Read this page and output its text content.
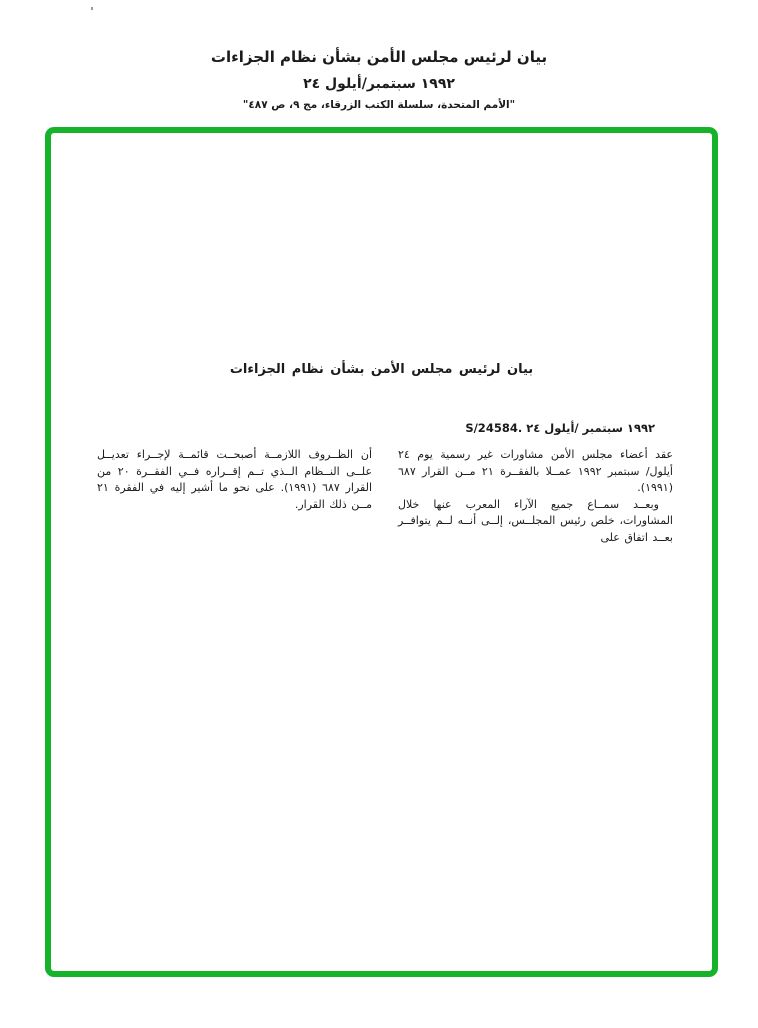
بيان لرئيس مجلس الأمن بشأن نظام الجزاءات
٢٤ أيلول / سبتمبر ١٩٩٢
"الأمم المتحدة، سلسلة الكتب الزرقاء، مج ٩، ص ٤٨٧"
بيان لرئيس مجلس الأمن بشأن نظام الجزاءات
S/24584. ٢٤ أيلول / سبتمبر ١٩٩٢

عقد أعضاء مجلس الأمن مشاورات غير رسمية يوم ٢٤ أيلول/ سبتمبر ١٩٩٢ عمــلا بالفقــرة ٢١ مــن القرار ٦٨٧ (١٩٩١).

وبعــد سمــاع جميع الآراء المعرب عنها خلال المشاورات، خلص رئيس المجلــس، إلــى أنــه لــم يتوافــر بعــد اتفاق على

أن الظــروف اللازمــة أصبحــت قائمــة لإجــراء تعديــل علــى النــظام الــذي تــم إقــراره فــي الفقــرة ٢٠ من القرار ٦٨٧ (١٩٩١). على نحو ما أشير إليه في الفقرة ٢١ مــن ذلك القرار.
